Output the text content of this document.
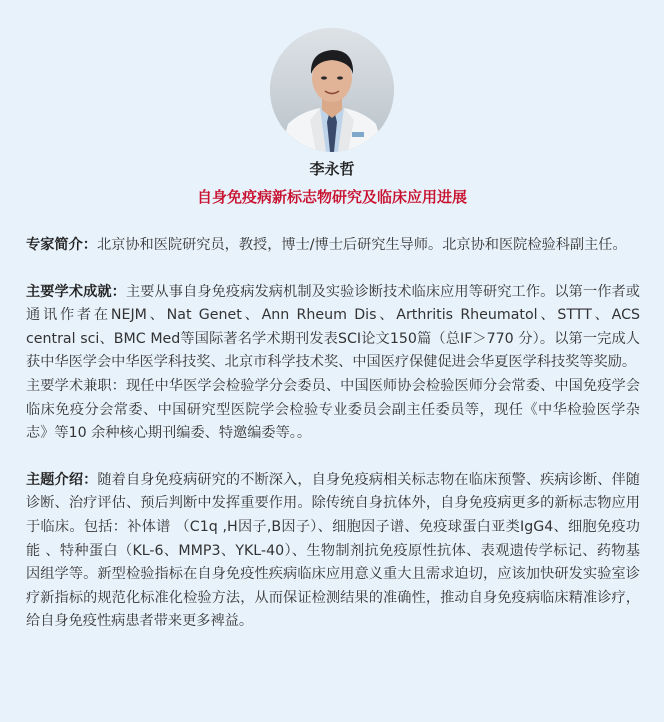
李永哲
自身免疫病新标志物研究及临床应用进展

专家简介：北京协和医院研究员，教授，博士/博士后研究生导师。北京协和医院检验科副主任。

主要学术成就：主要从事自身免疫病发病机制及实验诊断技术临床应用等研究工作。以第一作者或通讯作者在NEJM、Nat Genet、Ann Rheum Dis、Arthritis Rheumatol、STTT、ACS central sci、BMC Med等国际著名学术期刊发表SCI论文150篇（总IF＞770 分）。以第一完成人获中华医学会中华医学科技奖、北京市科学技术奖、中国医疗保健促进会华夏医学科技奖等奖励。

主要学术兼职：现任中华医学会检验学分会委员、中国医师协会检验医师分会常委、中国免疫学会临床免疫分会常委、中国研究型医院学会检验专业委员会副主任委员等，现任《中华检验医学杂志》等10 余种核心期刊编委、特邀编委等。。

主题介绍：随着自身免疫病研究的不断深入，自身免疫病相关标志物在临床预警、疾病诊断、伴随诊断、治疗评估、预后判断中发挥重要作用。除传统自身抗体外，自身免疫病更多的新标志物应用于临床。包括：补体谱 （C1q ,H因子,B因子）、细胞因子谱、免疫球蛋白亚类IgG4、细胞免疫功能 、特种蛋白（KL-6、MMP3、YKL-40）、生物制剂抗免疫原性抗体、表观遗传学标记、药物基因组学等。新型检验指标在自身免疫性疾病临床应用意义重大且需求迫切，应该加快研发实验室诊疗新指标的规范化标准化检验方法，从而保证检测结果的准确性，推动自身免疫病临床精准诊疗，给自身免疫性病患者带来更多裨益。
